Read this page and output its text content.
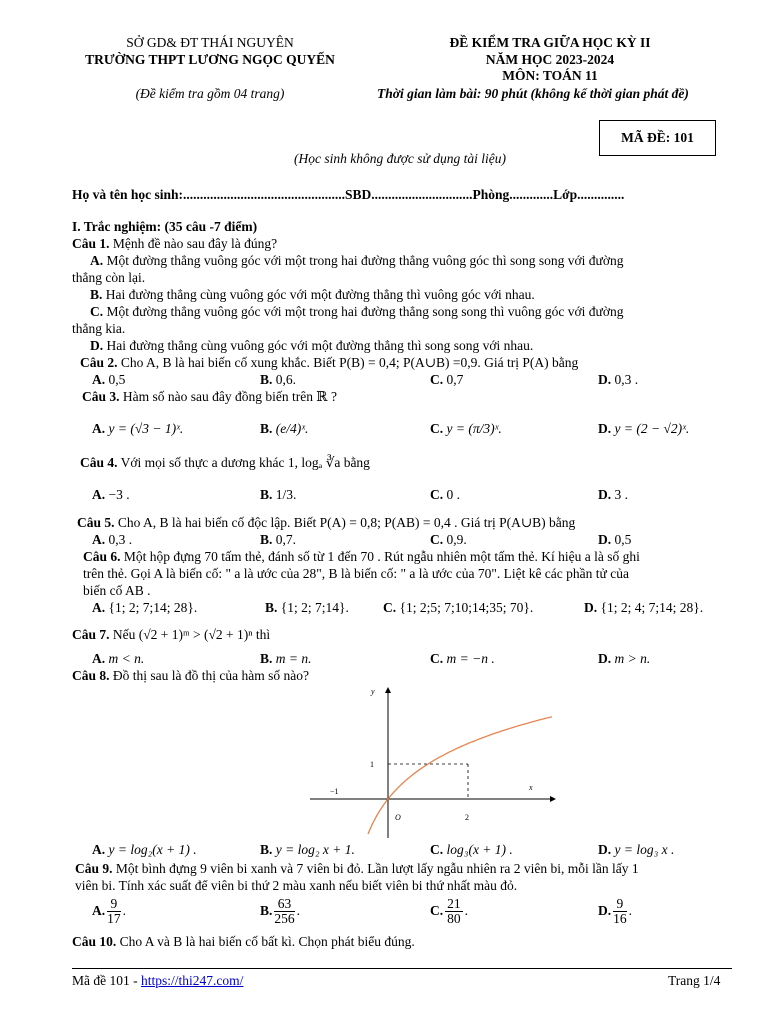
SỞ GD& ĐT THÁI NGUYÊN
TRƯỜNG THPT LƯƠNG NGỌC QUYẾN
(Đề kiểm tra gồm 04 trang)
ĐỀ KIỂM TRA GIỮA HỌC KỲ II
NĂM HỌC 2023-2024
MÔN: TOÁN 11
Thời gian làm bài: 90 phút (không kể thời gian phát đề)
MÃ ĐỀ: 101
(Học sinh không được sử dụng tài liệu)
Họ và tên học sinh:................................................SBD..............................Phòng.............Lớp..............
I. Trắc nghiệm: (35 câu -7 điểm)
Câu 1. Mệnh đề nào sau đây là đúng?
A. Một đường thẳng vuông góc với một trong hai đường thẳng vuông góc thì song song với đường
thẳng còn lại.
B. Hai đường thẳng cùng vuông góc với một đường thẳng thì vuông góc với nhau.
C. Một đường thẳng vuông góc với một trong hai đường thẳng song song thì vuông góc với đường
thẳng kia.
D. Hai đường thẳng cùng vuông góc với một đường thẳng thì song song với nhau.
Câu 2. Cho A, B là hai biến cố xung khắc. Biết P(B) = 0,4; P(A∪B) =0,9. Giá trị P(A) bằng
A. 0,5	B. 0,6.	C. 0,7	D. 0,3 .
Câu 3. Hàm số nào sau đây đồng biến trên ℝ ?
A. y = (√3 − 1)ˣ.	B. (e/4)ˣ.	C. y = (π/3)ˣ.	D. y = (2 − √2)ˣ.
Câu 4. Với mọi số thực a dương khác 1, logₐ ∛a bằng
A. −3 .	B. 1/3.	C. 0 .	D. 3 .
Câu 5. Cho A, B là hai biến cố độc lập. Biết P(A) = 0,8; P(AB) = 0,4 . Giá trị P(A∪B) bằng
A. 0,3 .	B. 0,7.	C. 0,9.	D. 0,5
Câu 6. Một hộp đựng 70 tấm thẻ, đánh số từ 1 đến 70 . Rút ngẫu nhiên một tấm thẻ. Kí hiệu a là số ghi
trên thẻ. Gọi A là biến cố: " a là ước của 28", B là biến cố: " a là ước của 70". Liệt kê các phần tử của
biến cố AB .
A. {1; 2; 7;14; 28}.	B. {1; 2; 7;14}.	C. {1; 2;5; 7;10;14;35; 70}.	D. {1; 2; 4; 7;14; 28}.
Câu 7. Nếu (√2 + 1)ᵐ > (√2 + 1)ⁿ thì
A. m < n.	B. m = n.	C. m = −n .	D. m > n.
Câu 8. Đồ thị sau là đồ thị của hàm số nào?
y
x
O
−1
1
2
A. y = log₂(x + 1) .	B. y = log₂ x + 1.	C. log₃(x + 1) .	D. y = log₃ x .
Câu 9. Một bình đựng 9 viên bi xanh và 7 viên bi đỏ. Lần lượt lấy ngẫu nhiên ra 2 viên bi, mỗi lần lấy 1
viên bi. Tính xác suất để viên bi thứ 2 màu xanh nếu biết viên bi thứ nhất màu đỏ.
A. $\frac{9}{17}$ .	B. $\frac{63}{256}$ .	C. $\frac{21}{80}$ .	D. $\frac{9}{16}$ .
Câu 10. Cho A và B là hai biến cố bất kì. Chọn phát biểu đúng.
Mã đề 101 - https://thi247.com/	Trang 1/4
